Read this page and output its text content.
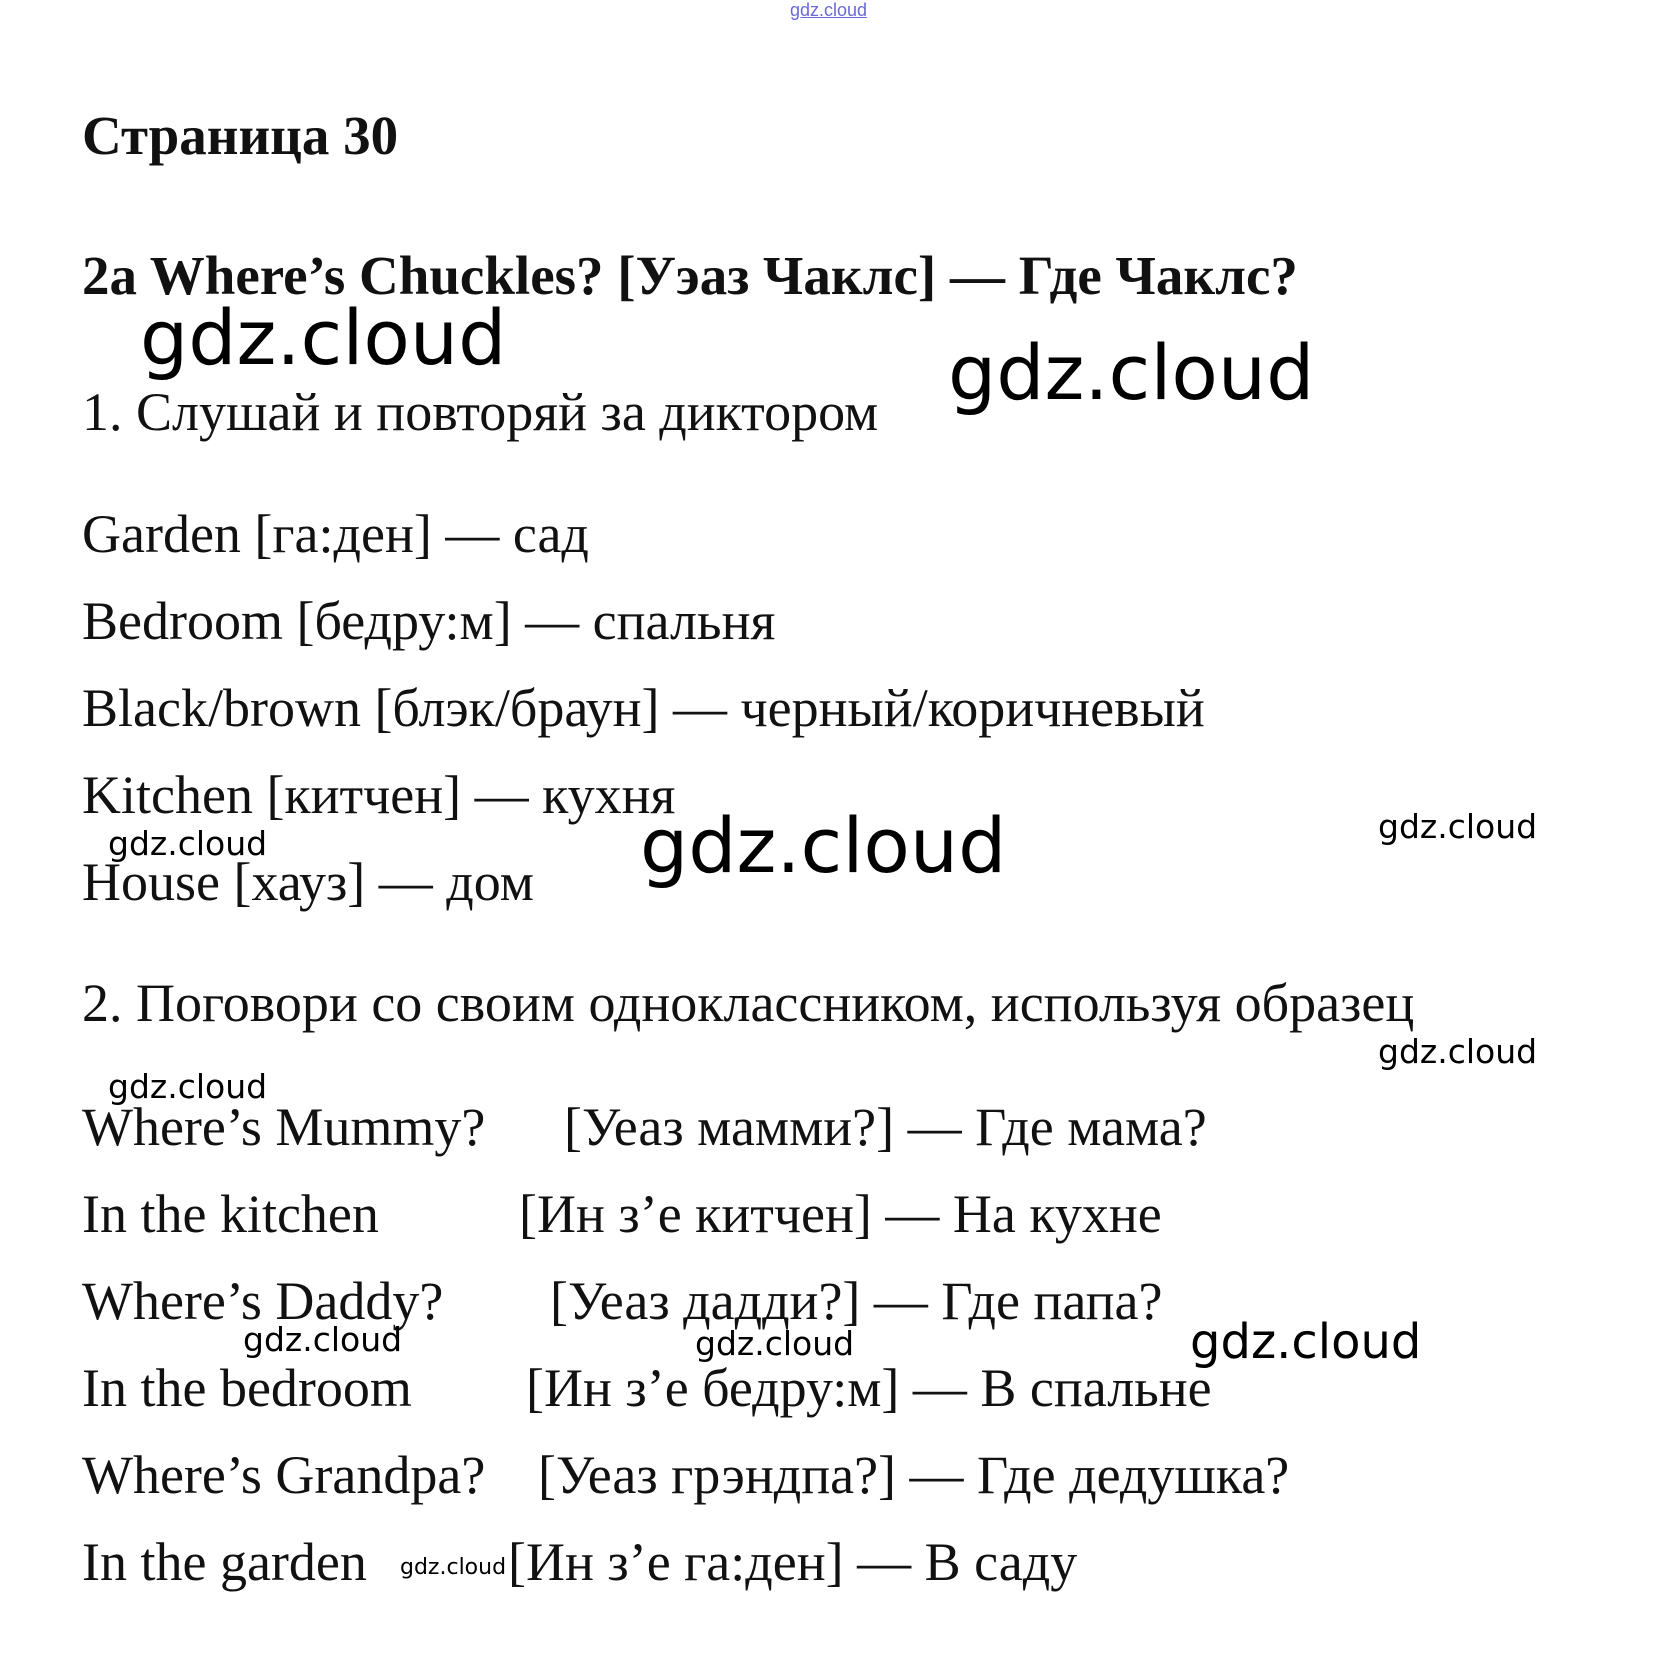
gdz.cloud
Страница 30
2a Where’s Chuckles? [Уэаз Чаклс] — Где Чаклс?
gdz.cloud	gdz.cloud
1. Слушай и повторяй за диктором
Garden [га:ден] — сад
Bedroom [бедру:м] — спальня
Black/brown [блэк/браун] — черный/коричневый
Kitchen [китчен] — кухня
House [хауз] — дом gdz.cloud
gdz.cloud	gdz.cloud
2. Поговори со своим одноклассником, используя образец
gdz.cloud
gdz.cloud
Where’s Mummy? [Уеаз мамми?] — Где мама?
In the kitchen	[Ин з’е китчен] — На кухне
Where’s Daddy? [Уеаз дадди?] — Где папа?
gdz.cloud	gdz.cloud	gdz.cloud
In the bedroom [Ин з’е бедру:м] — В спальне
Where’s Grandpa? [Уеаз грэндпа?] — Где дедушка?
In the garden	[Ин з’е га:ден] — В саду
gdz.cloud
